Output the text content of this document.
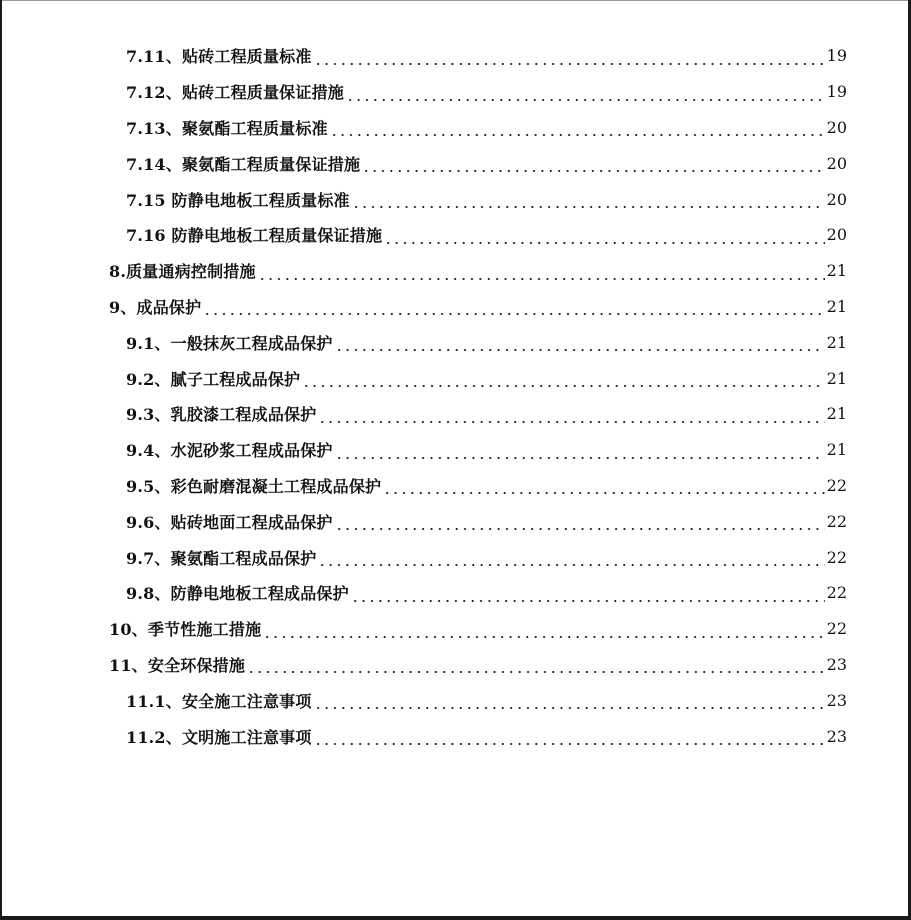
7.11、贴砖工程质量标准	19
7.12、贴砖工程质量保证措施	19
7.13、聚氨酯工程质量标准	20
7.14、聚氨酯工程质量保证措施	20
7.15 防静电地板工程质量标准	20
7.16 防静电地板工程质量保证措施	20
8.质量通病控制措施	21
9、成品保护	21
9.1、一般抹灰工程成品保护	21
9.2、腻子工程成品保护	21
9.3、乳胶漆工程成品保护	21
9.4、水泥砂浆工程成品保护	21
9.5、彩色耐磨混凝土工程成品保护	22
9.6、贴砖地面工程成品保护	22
9.7、聚氨酯工程成品保护	22
9.8、防静电地板工程成品保护	22
10、季节性施工措施	22
11、安全环保措施	23
11.1、安全施工注意事项	23
11.2、文明施工注意事项	23
